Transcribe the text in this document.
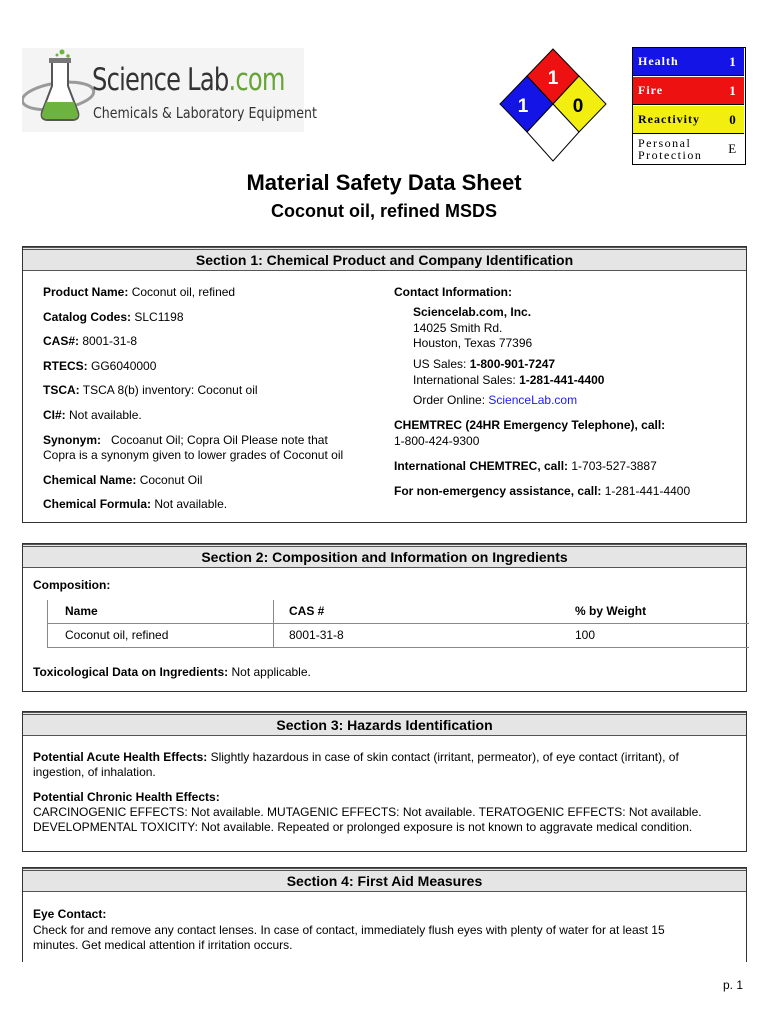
Science Lab.com
Chemicals & Laboratory Equipment
1
1 0
Health	1
Fire	1
Reactivity	0
Personal
Protection	E
Material Safety Data Sheet
Coconut oil, refined MSDS
Section 1: Chemical Product and Company Identification
Product Name: Coconut oil, refined
Catalog Codes: SLC1198
CAS#: 8001-31-8
RTECS: GG6040000
TSCA: TSCA 8(b) inventory: Coconut oil
CI#: Not available.
Synonym:   Cocoanut Oil; Copra Oil Please note that
Copra is a synonym given to lower grades of Coconut oil
Chemical Name: Coconut Oil
Chemical Formula: Not available.
Contact Information:
Sciencelab.com, Inc.
14025 Smith Rd.
Houston, Texas 77396
US Sales: 1-800-901-7247
International Sales: 1-281-441-4400
Order Online: ScienceLab.com
CHEMTREC (24HR Emergency Telephone), call:
1-800-424-9300
International CHEMTREC, call: 1-703-527-3887
For non-emergency assistance, call: 1-281-441-4400
Section 2: Composition and Information on Ingredients
Composition:
Name	CAS #	% by Weight
Coconut oil, refined	8001-31-8	100
Toxicological Data on Ingredients: Not applicable.
Section 3: Hazards Identification
Potential Acute Health Effects: Slightly hazardous in case of skin contact (irritant, permeator), of eye contact (irritant), of
ingestion, of inhalation.
Potential Chronic Health Effects:
CARCINOGENIC EFFECTS: Not available. MUTAGENIC EFFECTS: Not available. TERATOGENIC EFFECTS: Not available.
DEVELOPMENTAL TOXICITY: Not available. Repeated or prolonged exposure is not known to aggravate medical condition.
Section 4: First Aid Measures
Eye Contact:
Check for and remove any contact lenses. In case of contact, immediately flush eyes with plenty of water for at least 15
minutes. Get medical attention if irritation occurs.
p. 1
